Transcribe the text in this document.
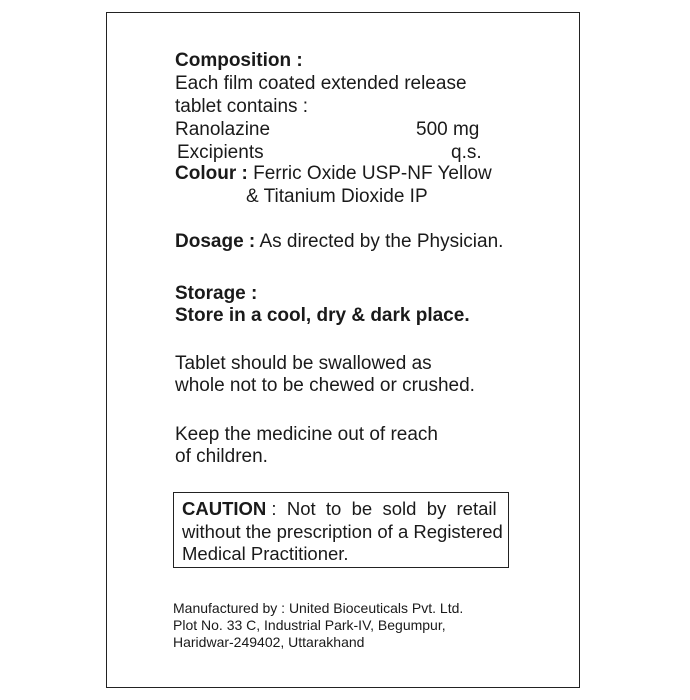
Composition :
Each film coated extended release
tablet contains :
Ranolazine	500 mg
Excipients	q.s.
Colour : Ferric Oxide USP-NF Yellow
& Titanium Dioxide IP
Dosage : As directed by the Physician.
Storage :
Store in a cool, dry & dark place.
Tablet should be swallowed as
whole not to be chewed or crushed.
Keep the medicine out of reach
of children.
CAUTION :  Not  to  be  sold  by  retail
without the prescription of a Registered
Medical Practitioner.
Manufactured by : United Bioceuticals Pvt. Ltd.
Plot No. 33 C, Industrial Park-IV, Begumpur,
Haridwar-249402, Uttarakhand
